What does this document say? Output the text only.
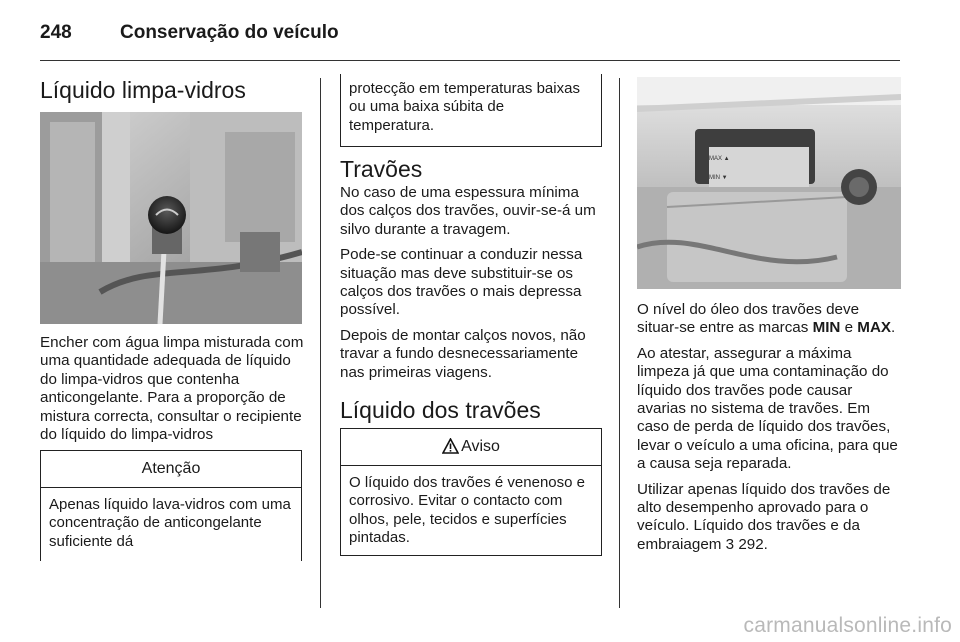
248	Conservação do veículo
Líquido limpa-vidros
Encher com água limpa misturada com uma quantidade adequada de líquido do limpa-vidros que contenha anticongelante. Para a proporção de mistura correcta, consultar o recipiente do líquido do limpa-vidros
Atenção
Apenas líquido lava-vidros com uma concentração de anticongelante suficiente dá
protecção em temperaturas baixas ou uma baixa súbita de temperatura.
Travões

No caso de uma espessura mínima dos calços dos travões, ouvir-se-á um silvo durante a travagem.

Pode-se continuar a conduzir nessa situação mas deve substituir-se os calços dos travões o mais depressa possível.

Depois de montar calços novos, não travar a fundo desnecessariamente nas primeiras viagens.

Líquido dos travões
Aviso
O líquido dos travões é venenoso e corrosivo. Evitar o contacto com olhos, pele, tecidos e superfícies pintadas.
MAX ▲
MIN ▼

O nível do óleo dos travões deve situar-se entre as marcas MIN e MAX.

Ao atestar, assegurar a máxima limpeza já que uma contaminação do líquido dos travões pode causar avarias no sistema de travões. Em caso de perda de líquido dos travões, levar o veículo a uma oficina, para que a causa seja reparada.

Utilizar apenas líquido dos travões de alto desempenho aprovado para o veículo. Líquido dos travões e da embraiagem 3 292.

carmanualsonline.info
